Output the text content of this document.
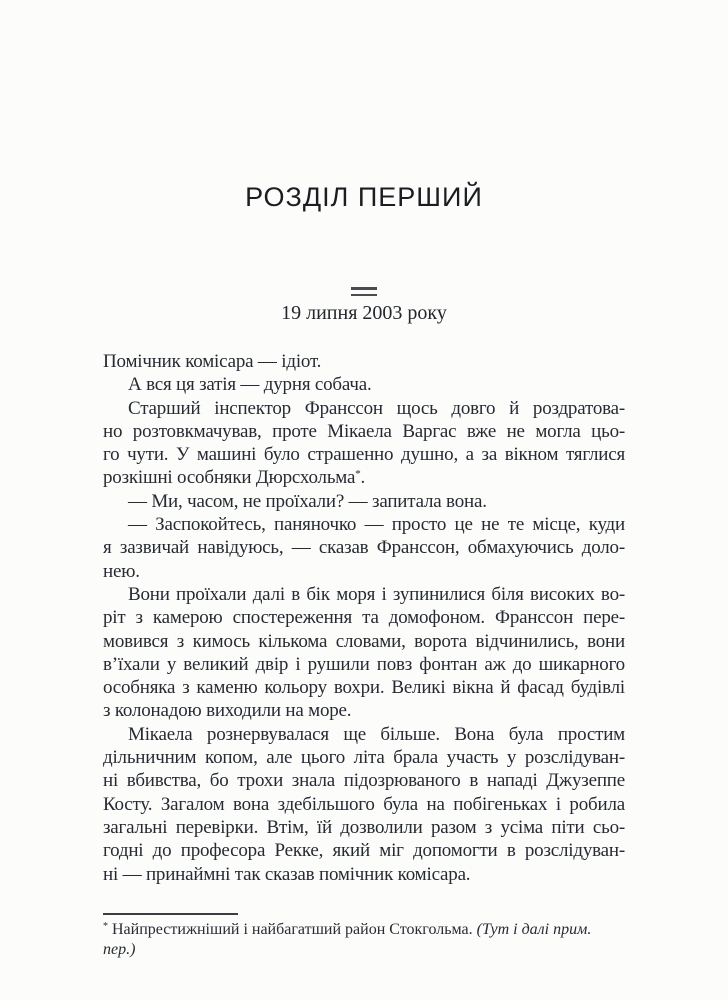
РОЗДІЛ ПЕРШИЙ
19 липня 2003 року
Помічник комісара — ідіот.
А вся ця затія — дурня собача.
Старший інспектор Франссон щось довго й роздратова-
но розтовкмачував, проте Мікаела Варгас вже не могла цьо-
го чути. У машині було страшенно душно, а за вікном тяглися
розкішні особняки Дюрсхольма*.
— Ми, часом, не проїхали? — запитала вона.
— Заспокойтесь, паняночко — просто це не те місце, куди
я зазвичай навідуюсь, — сказав Франссон, обмахуючись доло-
нею.
Вони проїхали далі в бік моря і зупинилися біля високих во-
ріт з камерою спостереження та домофоном. Франссон пере-
мовився з кимось кількома словами, ворота відчинились, вони
в’їхали у великий двір і рушили повз фонтан аж до шикарного
особняка з каменю кольору вохри. Великі вікна й фасад будівлі
з колонадою виходили на море.
Мікаела рознервувалася ще більше. Вона була простим
дільничним копом, але цього літа брала участь у розслідуван-
ні вбивства, бо трохи знала підозрюваного в нападі Джузеппе
Косту. Загалом вона здебільшого була на побігеньках і робила
загальні перевірки. Втім, їй дозволили разом з усіма піти сьо-
годні до професора Рекке, який міг допомогти в розслідуван-
ні — принаймні так сказав помічник комісара.
* Найпрестижніший і найбагатший район Стокгольма. (Тут і далі прим. пер.)
